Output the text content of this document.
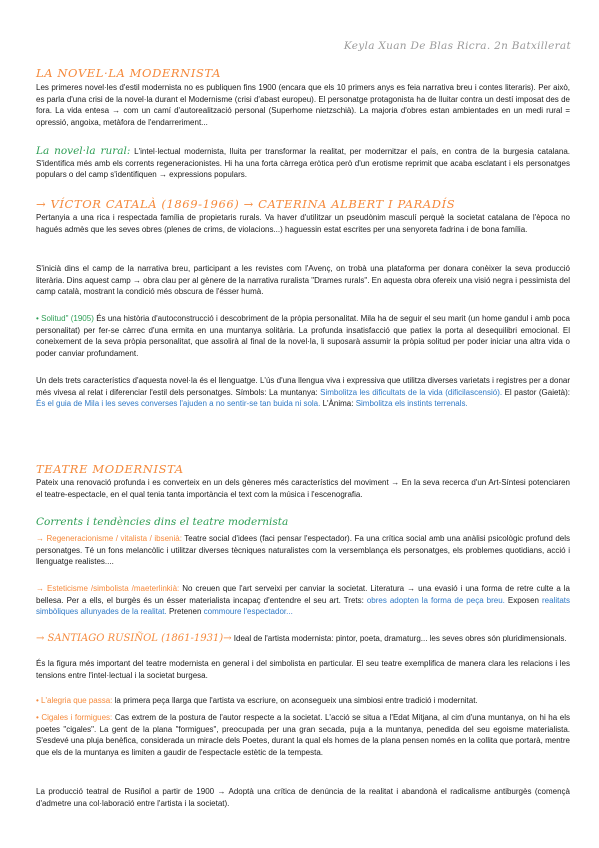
Keyla Xuan De Blas Ricra. 2n Batxillerat
LA NOVEL·LA MODERNISTA

Les primeres novel·les d'estil modernista no es publiquen fins 1900 (encara que els 10 primers anys es feia narrativa breu i contes literaris). Per això, es parla d'una crisi de la novel·la durant el Modernisme (crisi d'abast europeu). El personatge protagonista ha de lluitar contra un destí imposat des de fora. La vida entesa → com un camí d'autorealització personal (Superhome nietzschià). La majoria d'obres estan ambientades en un medi rural = opressió, angoixa, metàfora de l'endarreriment...

La novel·la rural: L'intel·lectual modernista, lluita per transformar la realitat, per modernitzar el país, en contra de la burgesia catalana. S'identifica més amb els corrents regeneracionistes. Hi ha una forta càrrega eròtica però d'un erotisme reprimit que acaba esclatant i els personatges populars o del camp s'identifiquen → expressions populars.

→ VÍCTOR CATALÀ (1869-1966) → CATERINA ALBERT I PARADÍS

Pertanyia a una rica i respectada família de propietaris rurals. Va haver d'utilitzar un pseudònim masculí perquè la societat catalana de l'època no hagués admès que les seves obres (plenes de crims, de violacions...) haguessin estat escrites per una senyoreta fadrina i de bona família.

S'inicià dins el camp de la narrativa breu, participant a les revistes com l'Avenç, on trobà una plataforma per donara conèixer la seva producció literària. Dins aquest camp → obra clau per al gènere de la narrativa ruralista "Drames rurals". En aquesta obra ofereix una visió negra i pessimista del camp català, mostrant la condició més obscura de l'ésser humà.

• Solitud" (1905) És una història d'autoconstrucció i descobriment de la pròpia personalitat. Mila ha de seguir el seu marit (un home gandul i amb poca personalitat) per fer-se càrrec d'una ermita en una muntanya solitària. La profunda insatisfacció que patiex la porta al desequilibri emocional. El coneixement de la seva pròpia personalitat, que assolirà al final de la novel·la, li suposarà assumir la pròpia solitud per poder iniciar una altra vida o poder canviar profundament.

Un dels trets característics d'aquesta novel·la és el llenguatge. L'ús d'una llengua viva i expressiva que utilitza diverses varietats i registres per a donar més vivesa al relat i diferenciar l'estil dels personatges. Símbols: La muntanya: Simbolitza les dificultats de la vida (dificilascensió). El pastor (Gaietà): És el guia de Mila i les seves converses l'ajuden a no sentir-se tan buida ni sola. L'Ànima: Simbolitza els instints terrenals.

TEATRE MODERNISTA

Pateix una renovació profunda i es converteix en un dels gèneres més característics del moviment → En la seva recerca d'un Art-Síntesi potenciaren el teatre-espectacle, en el qual tenia tanta importància el text com la música i l'escenografia.

Corrents i tendències dins el teatre modernista

→ Regeneracionisme / vitalista / ibsenià: Teatre social d'idees (faci pensar l'espectador). Fa una crítica social amb una anàlisi psicològic profund dels personatges. Té un fons melancòlic i utilitzar diverses tècniques naturalistes com la versemblança els personatges, els problemes quotidians, acció i llenguatge realistes....

→ Esteticisme /simbolista /maeterlinkià: No creuen que l'art serveixi per canviar la societat. Literatura → una evasió i una forma de retre culte a la bellesa. Per a ells, el burgès és un ésser materialista incapaç d'entendre el seu art. Trets: obres adopten la forma de peça breu. Exposen realitats simbòliques allunyades de la realitat. Pretenen commoure l'espectador...

→ SANTIAGO RUSIÑOL (1861-1931)→ Ideal de l'artista modernista: pintor, poeta, dramaturg... les seves obres són pluridimensionals.

És la figura més important del teatre modernista en general i del simbolista en particular. El seu teatre exemplifica de manera clara les relacions i les tensions entre l'intel·lectual i la societat burgesa.

• L'alegria que passa: la primera peça llarga que l'artista va escriure, on aconsegueix una simbiosi entre tradició i modernitat.

• Cigales i formigues: Cas extrem de la postura de l'autor respecte a la societat. L'acció se situa a l'Edat Mitjana, al cim d'una muntanya, on hi ha els poetes "cigales". La gent de la plana "formigues", preocupada per una gran secada, puja a la muntanya, penedida del seu egoisme materialista. S'esdevé una pluja benèfica, considerada un miracle dels Poetes, durant la qual els homes de la plana pensen només en la collita que portarà, mentre que els de la muntanya es limiten a gaudir de l'espectacle estètic de la tempesta.

La producció teatral de Rusiñol a partir de 1900 → Adoptà una crítica de denúncia de la realitat i abandonà el radicalisme antiburgès (començà d'admetre una col·laboració entre l'artista i la societat).
